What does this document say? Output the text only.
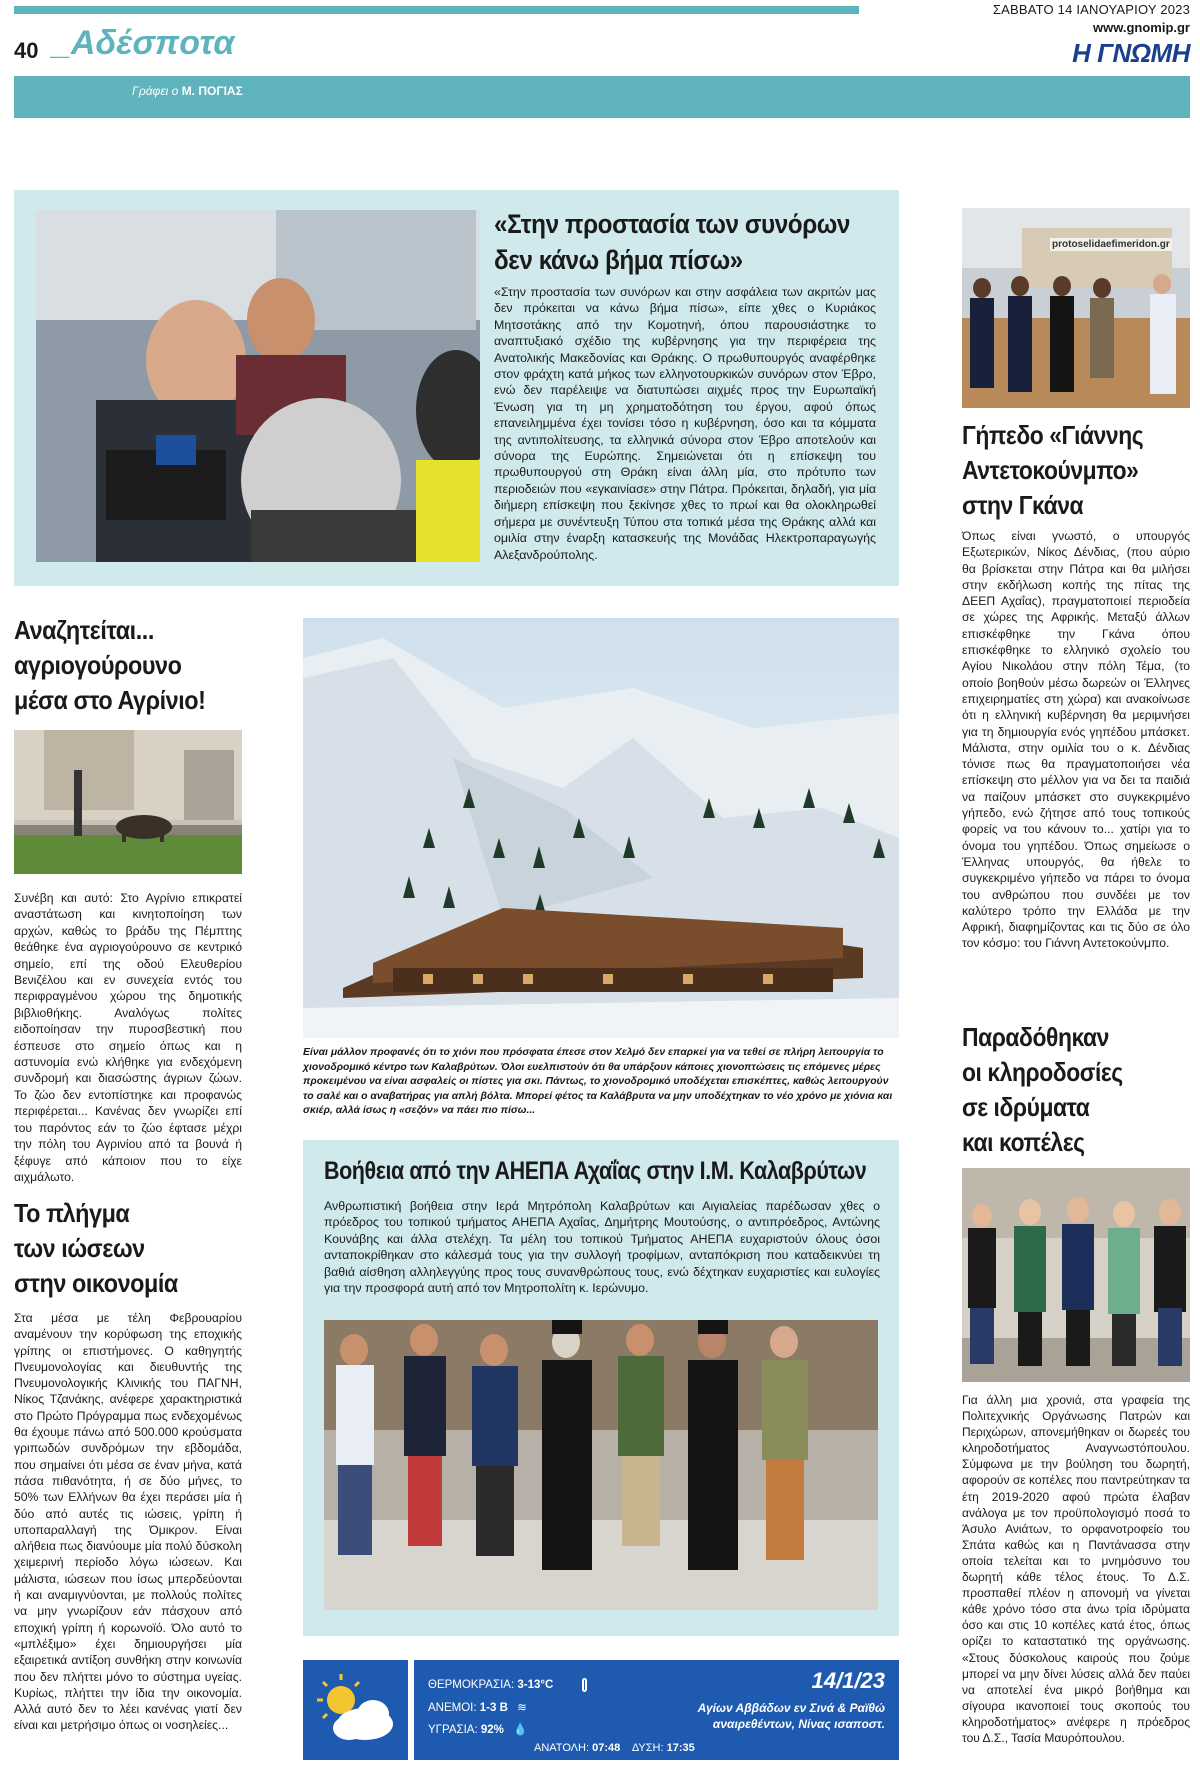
40 _Αδέσποτα
ΣΑΒΒΑΤΟ 14 ΙΑΝΟΥΑΡΙΟΥ 2023
www.gnomip.gr
Η ΓΝΩΜΗ
Γράφει ο Μ. ΠΟΓΙΑΣ
«Στην προστασία των συνόρων
δεν κάνω βήμα πίσω»
«Στην προστασία των συνόρων και στην ασφάλεια των ακριτών μας δεν πρόκειται να κάνω βήμα πίσω», είπε χθες ο Κυριάκος Μητσοτάκης από την Κομοτηνή, όπου παρουσιάστηκε το αναπτυξιακό σχέδιο της κυβέρνησης για την περιφέρεια της Ανατολικής Μακεδονίας και Θράκης. Ο πρωθυπουργός αναφέρθηκε στον φράχτη κατά μήκος των ελληνοτουρκικών συνόρων στον Έβρο, ενώ δεν παρέλειψε να διατυπώσει αιχμές προς την Ευρωπαϊκή Ένωση για τη μη χρηματοδότηση του έργου, αφού όπως επανειλημμένα έχει τονίσει τόσο η κυβέρνηση, όσο και τα κόμματα της αντιπολίτευσης, τα ελληνικά σύνορα στον Έβρο αποτελούν και σύνορα της Ευρώπης. Σημειώνεται ότι η επίσκεψη του πρωθυπουργού στη Θράκη είναι άλλη μία, στο πρότυπο των περιοδειών που «εγκαινίασε» στην Πάτρα. Πρόκειται, δηλαδή, για μία διήμερη επίσκεψη που ξεκίνησε χθες το πρωί και θα ολοκληρωθεί σήμερα με συνέντευξη Τύπου στα τοπικά μέσα της Θράκης αλλά και ομιλία στην έναρξη κατασκευής της Μονάδας Ηλεκτροπαραγωγής Αλεξανδρούπολης.
Αναζητείται...
αγριογούρουνο
μέσα στο Αγρίνιο!
Συνέβη και αυτό: Στο Αγρίνιο επικρατεί αναστάτωση και κινητοποίηση των αρχών, καθώς το βράδυ της Πέμπτης θεάθηκε ένα αγριογούρουνο σε κεντρικό σημείο, επί της οδού Ελευθερίου Βενιζέλου και εν συνεχεία εντός του περιφραγμένου χώρου της δημοτικής βιβλιοθήκης. Αναλόγως πολίτες ειδοποίησαν την πυροσβεστική που έσπευσε στο σημείο όπως και η αστυνομία ενώ κλήθηκε για ενδεχόμενη συνδρομή και διασώστης άγριων ζώων. Το ζώο δεν εντοπίστηκε και προφανώς περιφέρεται... Κανένας δεν γνωρίζει επί του παρόντος εάν το ζώο έφτασε μέχρι την πόλη του Αγρινίου από τα βουνά ή ξέφυγε από κάποιον που το είχε αιχμάλωτο.
Το πλήγμα
των ιώσεων
στην οικονομία
Στα μέσα με τέλη Φεβρουαρίου αναμένουν την κορύφωση της εποχικής γρίπης οι επιστήμονες. Ο καθηγητής Πνευμονολογίας και διευθυντής της Πνευμονολογικής Κλινικής του ΠΑΓΝΗ, Νίκος Τζανάκης, ανέφερε χαρακτηριστικά στο Πρώτο Πρόγραμμα πως ενδεχομένως θα έχουμε πάνω από 500.000 κρούσματα γριπωδών συνδρόμων την εβδομάδα, που σημαίνει ότι μέσα σε έναν μήνα, κατά πάσα πιθανότητα, ή σε δύο μήνες, το 50% των Ελλήνων θα έχει περάσει μία ή δύο από αυτές τις ιώσεις, γρίπη ή υποπαραλλαγή της Όμικρον. Είναι αλήθεια πως διανύουμε μία πολύ δύσκολη χειμερινή περίοδο λόγω ιώσεων. Και μάλιστα, ιώσεων που ίσως μπερδεύονται ή και αναμιγνύονται, με πολλούς πολίτες να μην γνωρίζουν εάν πάσχουν από εποχική γρίπη ή κορωνοϊό. Όλο αυτό το «μπλέξιμο» έχει δημιουργήσει μία εξαιρετικά αντίξοη συνθήκη στην κοινωνία που δεν πλήττει μόνο το σύστημα υγείας. Κυρίως, πλήττει την ίδια την οικονομία. Αλλά αυτό δεν το λέει κανένας γιατί δεν είναι και μετρήσιμο όπως οι νοσηλείες...
Είναι μάλλον προφανές ότι το χιόνι που πρόσφατα έπεσε στον Χελμό δεν επαρκεί για να τεθεί σε πλήρη λειτουργία το χιονοδρομικό κέντρο των Καλαβρύτων. Όλοι ευελπιστούν ότι θα υπάρξουν κάποιες χιονοπτώσεις τις επόμενες μέρες προκειμένου να είναι ασφαλείς οι πίστες για σκι. Πάντως, το χιονοδρομικό υποδέχεται επισκέπτες, καθώς λειτουργούν το σαλέ και ο αναβατήρας για απλή βόλτα. Μπορεί φέτος τα Καλάβρυτα να μην υποδέχτηκαν το νέο χρόνο με χιόνια και σκιέρ, αλλά ίσως η «σεζόν» να πάει πιο πίσω...
Βοήθεια από την ΑΗΕΠΑ Αχαΐας στην Ι.Μ. Καλαβρύτων
Ανθρωπιστική βοήθεια στην Ιερά Μητρόπολη Καλαβρύτων και Αιγιαλείας παρέδωσαν χθες ο πρόεδρος του τοπικού τμήματος ΑΗΕΠΑ Αχαΐας, Δημήτρης Μουτούσης, ο αντιπρόεδρος, Αντώνης Κουνάβης και άλλα στελέχη. Τα μέλη του τοπικού Τμήματος ΑΗΕΠΑ ευχαριστούν όλους όσοι ανταποκρίθηκαν στο κάλεσμά τους για την συλλογή τροφίμων, ανταπόκριση που καταδεικνύει τη βαθιά αίσθηση αλληλεγγύης προς τους συνανθρώπους τους, ενώ δέχτηκαν ευχαριστίες και ευλογίες για την προσφορά αυτή από τον Μητροπολίτη κ. Ιερώνυμο.
ΘΕΡΜΟΚΡΑΣΙΑ: 3-13°C
ΑΝΕΜΟΙ: 1-3 B ≋
ΥΓΡΑΣΙΑ: 92% 💧
14/1/23
Αγίων Αββάδων εν Σινά & Ραϊθώ
αναιρεθέντων, Νίνας ισαποστ.
ΑΝΑΤΟΛΗ: 07:48 ΔΥΣΗ: 17:35
protoselidaefimeridon.gr
Γήπεδο «Γιάννης
Αντετοκούνμπο»
στην Γκάνα
Όπως είναι γνωστό, ο υπουργός Εξωτερικών, Νίκος Δένδιας, (που αύριο θα βρίσκεται στην Πάτρα και θα μιλήσει στην εκδήλωση κοπής της πίτας της ΔΕΕΠ Αχαΐας), πραγματοποιεί περιοδεία σε χώρες της Αφρικής. Μεταξύ άλλων επισκέφθηκε την Γκάνα όπου επισκέφθηκε το ελληνικό σχολείο του Αγίου Νικολάου στην πόλη Τέμα, (το οποίο βοηθούν μέσω δωρεών οι Έλληνες επιχειρηματίες στη χώρα) και ανακοίνωσε ότι η ελληνική κυβέρνηση θα μεριμνήσει για τη δημιουργία ενός γηπέδου μπάσκετ. Μάλιστα, στην ομιλία του ο κ. Δένδιας τόνισε πως θα πραγματοποιήσει νέα επίσκεψη στο μέλλον για να δει τα παιδιά να παίζουν μπάσκετ στο συγκεκριμένο γήπεδο, ενώ ζήτησε από τους τοπικούς φορείς να του κάνουν το... χατίρι για το όνομα του γηπέδου. Όπως σημείωσε ο Έλληνας υπουργός, θα ήθελε το συγκεκριμένο γήπεδο να πάρει το όνομα του ανθρώπου που συνδέει με τον καλύτερο τρόπο την Ελλάδα με την Αφρική, διαφημίζοντας και τις δύο σε όλο τον κόσμο: του Γιάννη Αντετοκούνμπο.
Παραδόθηκαν
οι κληροδοσίες
σε ιδρύματα
και κοπέλες
Για άλλη μια χρονιά, στα γραφεία της Πολιτεχνικής Οργάνωσης Πατρών και Περιχώρων, απονεμήθηκαν οι δωρεές του κληροδοτήματος Αναγνωστόπουλου. Σύμφωνα με την βούληση του δωρητή, αφορούν σε κοπέλες που παντρεύτηκαν τα έτη 2019-2020 αφού πρώτα έλαβαν ανάλογα με τον προϋπολογισμό ποσά το Άσυλο Ανιάτων, το ορφανοτροφείο του Σπάτα καθώς και η Παντάνασσα στην οποία τελείται και το μνημόσυνο του δωρητή κάθε τέλος έτους. Το Δ.Σ. προσπαθεί πλέον η απονομή να γίνεται κάθε χρόνο τόσο στα άνω τρία ιδρύματα όσο και στις 10 κοπέλες κατά έτος, όπως ορίζει το καταστατικό της οργάνωσης. «Στους δύσκολους καιρούς που ζούμε μπορεί να μην δίνει λύσεις αλλά δεν παύει να αποτελεί ένα μικρό βοήθημα και σίγουρα ικανοποιεί τους σκοπούς του κληροδοτήματος» ανέφερε η πρόεδρος του Δ.Σ., Τασία Μαυρόπουλου.
